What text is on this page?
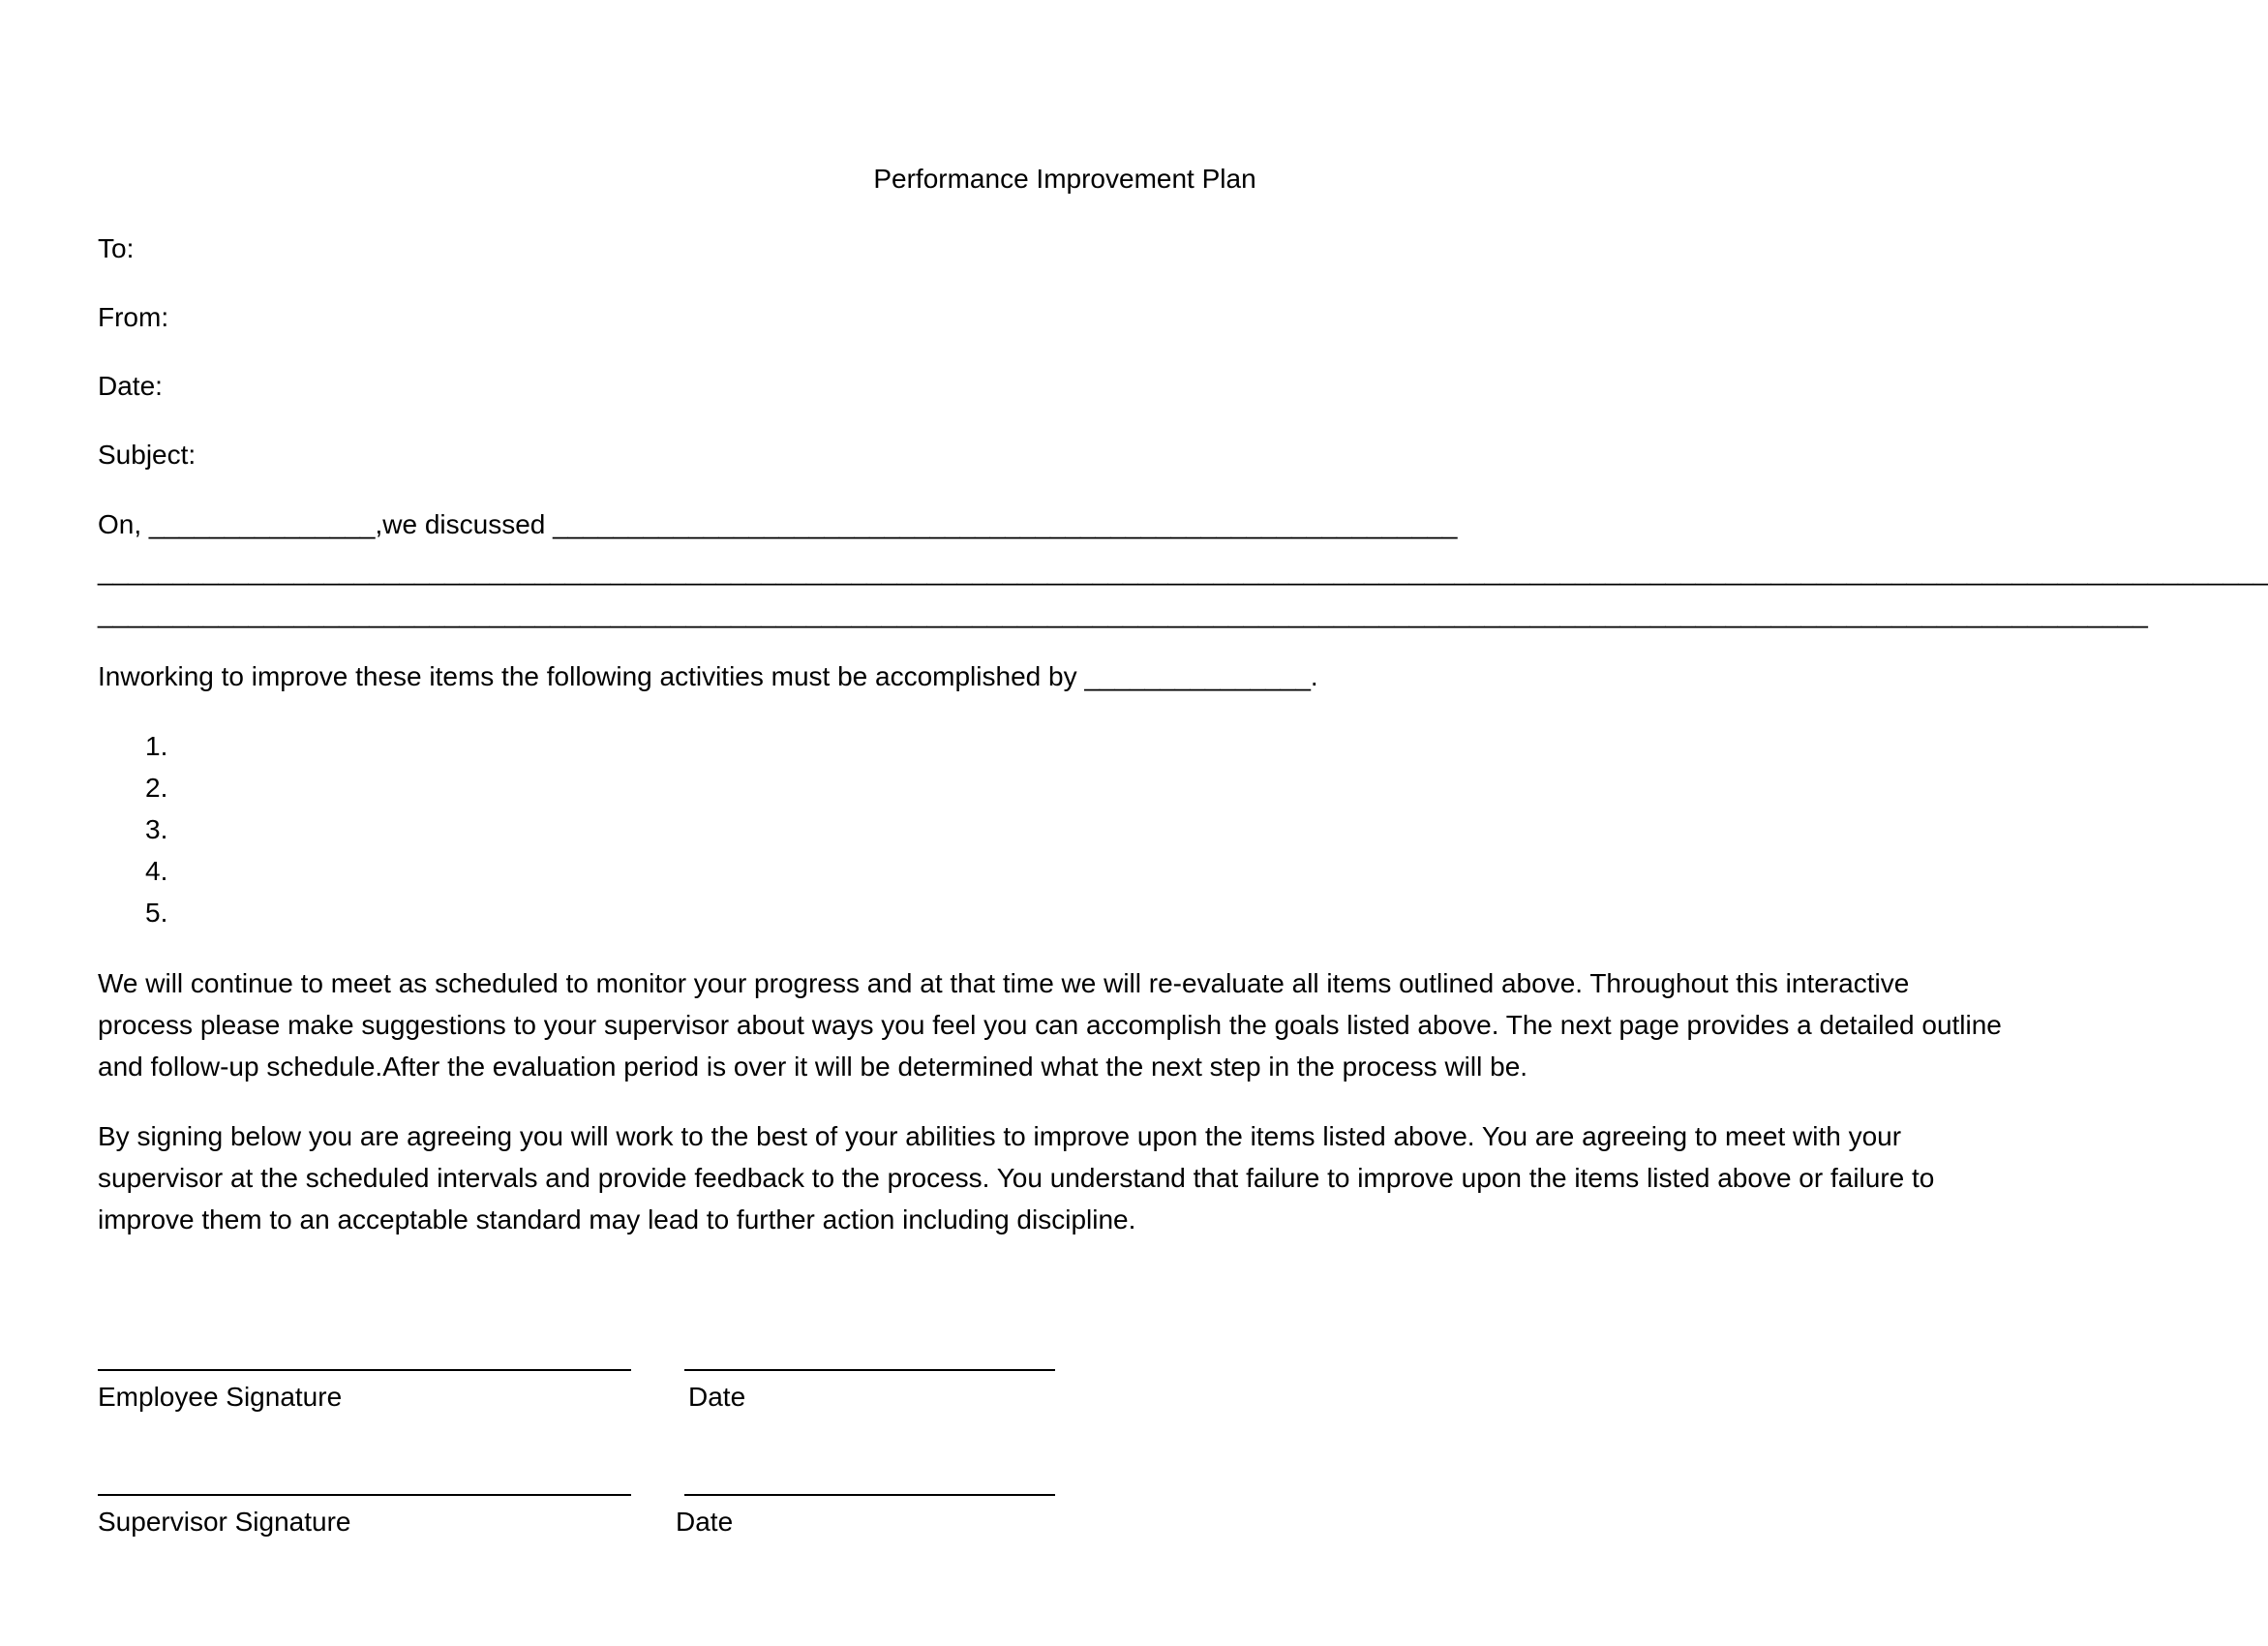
Performance Improvement Plan
To:
From:
Date:
Subject:
On, _______________,we discussed ____________________________________________________________
________________________________________________________________________________________________________________________________________________
________________________________________________________________________________________________________________________________________
Inworking to improve these items the following activities must be accomplished by _______________.
1.
2.
3.
4.
5.
We will continue to meet as scheduled to monitor your progress and at that time we will re-evaluate all items outlined above. Throughout this interactive
process please make suggestions to your supervisor about ways you feel you can accomplish the goals listed above. The next page provides a detailed outline
and follow-up schedule.After the evaluation period is over it will be determined what the next step in the process will be.
By signing below you are agreeing you will work to the best of your abilities to improve upon the items listed above. You are agreeing to meet with your
supervisor at the scheduled intervals and provide feedback to the process. You understand that failure to improve upon the items listed above or failure to
improve them to an acceptable standard may lead to further action including discipline.
Employee Signature	Date
Supervisor Signature	Date
